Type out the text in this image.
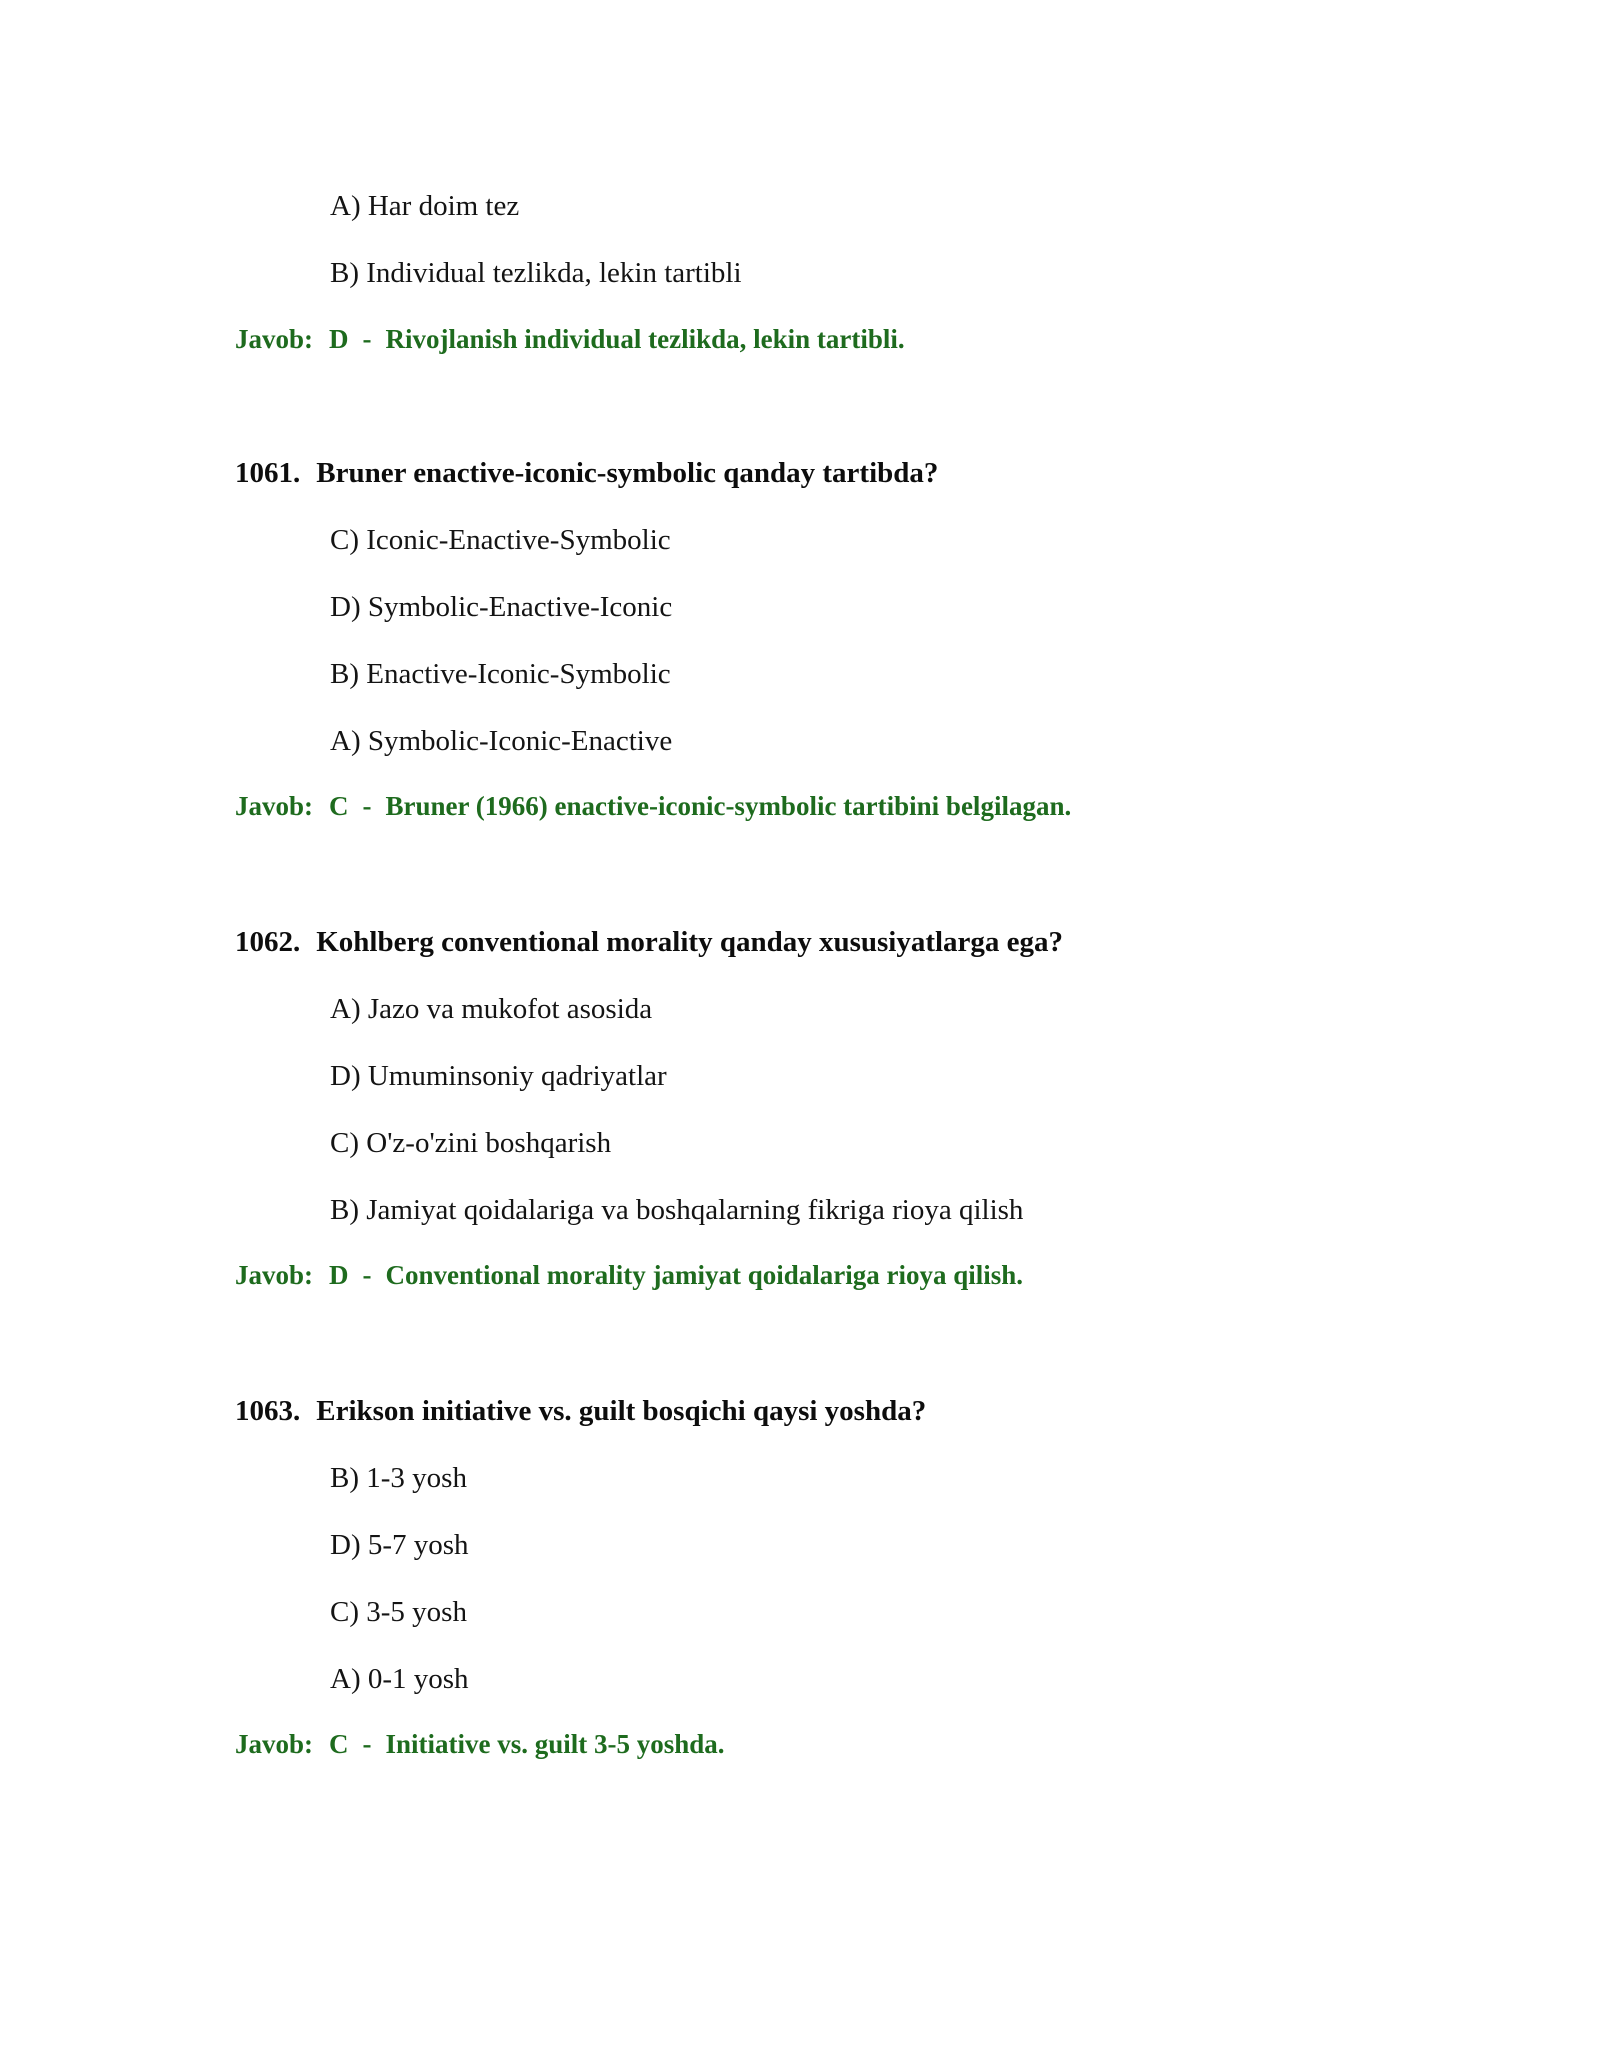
A) Har doim tez
B) Individual tezlikda, lekin tartibli
Javob: D - Rivojlanish individual tezlikda, lekin tartibli.
1061. Bruner enactive-iconic-symbolic qanday tartibda?
C) Iconic-Enactive-Symbolic
D) Symbolic-Enactive-Iconic
B) Enactive-Iconic-Symbolic
A) Symbolic-Iconic-Enactive
Javob: C - Bruner (1966) enactive-iconic-symbolic tartibini belgilagan.
1062. Kohlberg conventional morality qanday xususiyatlarga ega?
A) Jazo va mukofot asosida
D) Umuminsoniy qadriyatlar
C) O'z-o'zini boshqarish
B) Jamiyat qoidalariga va boshqalarning fikriga rioya qilish
Javob: D - Conventional morality jamiyat qoidalariga rioya qilish.
1063. Erikson initiative vs. guilt bosqichi qaysi yoshda?
B) 1-3 yosh
D) 5-7 yosh
C) 3-5 yosh
A) 0-1 yosh
Javob: C - Initiative vs. guilt 3-5 yoshda.
